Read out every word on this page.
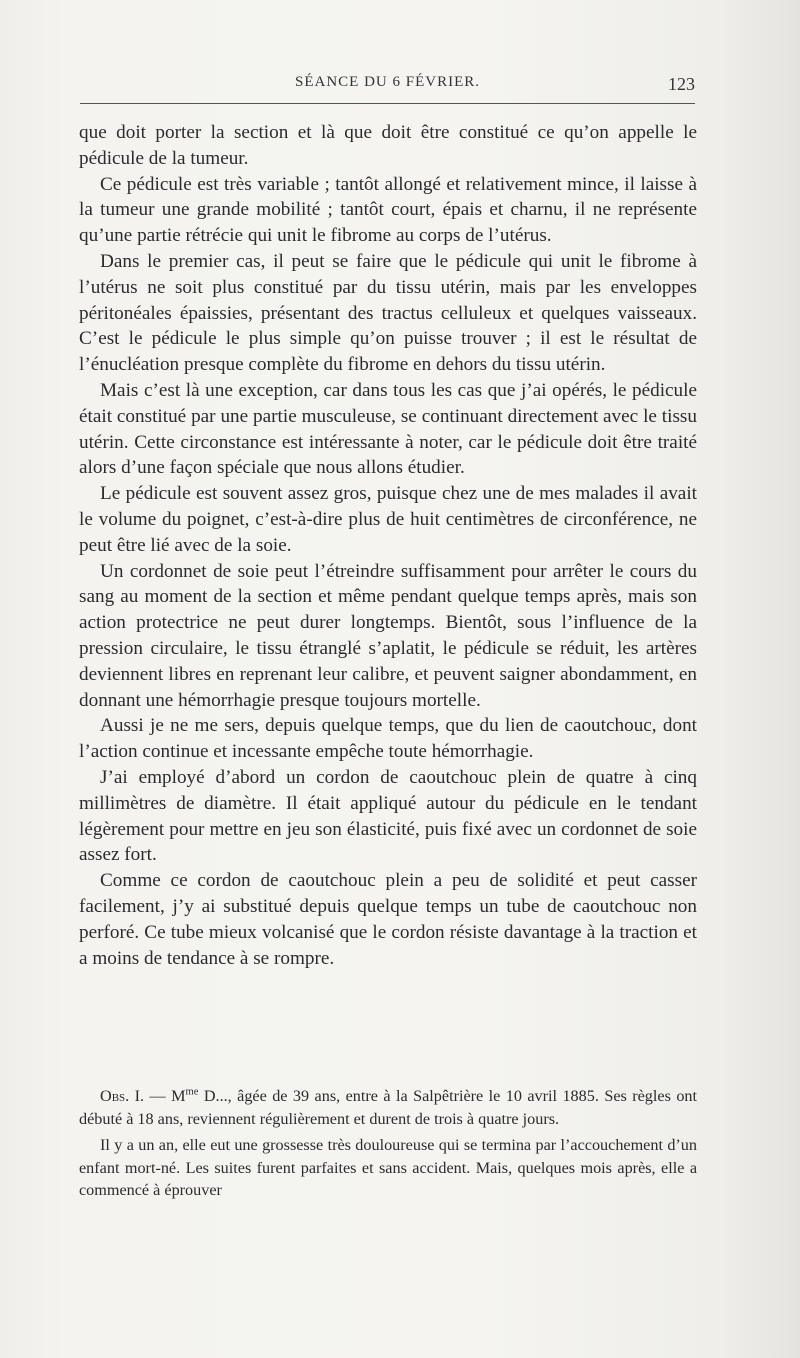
SÉANCE DU 6 FÉVRIER.	123

que doit porter la section et là que doit être constitué ce qu’on appelle le pédicule de la tumeur.

Ce pédicule est très variable ; tantôt allongé et relativement mince, il laisse à la tumeur une grande mobilité ; tantôt court, épais et charnu, il ne représente qu’une partie rétrécie qui unit le fibrome au corps de l’utérus.

Dans le premier cas, il peut se faire que le pédicule qui unit le fibrome à l’utérus ne soit plus constitué par du tissu utérin, mais par les enveloppes péritonéales épaissies, présentant des tractus celluleux et quelques vaisseaux. C’est le pédicule le plus simple qu’on puisse trouver ; il est le résultat de l’énucléation presque complète du fibrome en dehors du tissu utérin.

Mais c’est là une exception, car dans tous les cas que j’ai opérés, le pédicule était constitué par une partie musculeuse, se continuant directement avec le tissu utérin. Cette circonstance est intéressante à noter, car le pédicule doit être traité alors d’une façon spéciale que nous allons étudier.

Le pédicule est souvent assez gros, puisque chez une de mes malades il avait le volume du poignet, c’est-à-dire plus de huit centimètres de circonférence, ne peut être lié avec de la soie.

Un cordonnet de soie peut l’étreindre suffisamment pour arrêter le cours du sang au moment de la section et même pendant quelque temps après, mais son action protectrice ne peut durer longtemps. Bientôt, sous l’influence de la pression circulaire, le tissu étranglé s’aplatit, le pédicule se réduit, les artères deviennent libres en reprenant leur calibre, et peuvent saigner abondamment, en donnant une hémorrhagie presque toujours mortelle.

Aussi je ne me sers, depuis quelque temps, que du lien de caoutchouc, dont l’action continue et incessante empêche toute hémorrhagie.

J’ai employé d’abord un cordon de caoutchouc plein de quatre à cinq millimètres de diamètre. Il était appliqué autour du pédicule en le tendant légèrement pour mettre en jeu son élasticité, puis fixé avec un cordonnet de soie assez fort.

Comme ce cordon de caoutchouc plein a peu de solidité et peut casser facilement, j’y ai substitué depuis quelque temps un tube de caoutchouc non perforé. Ce tube mieux volcanisé que le cordon résiste davantage à la traction et a moins de tendance à se rompre.

Obs. I. — $M^{me}$ D..., âgée de 39 ans, entre à la Salpêtrière le 10 avril 1885. Ses règles ont débuté à 18 ans, reviennent régulièrement et durent de trois à quatre jours.

Il y a un an, elle eut une grossesse très douloureuse qui se termina par l’accouchement d’un enfant mort-né. Les suites furent parfaites et sans accident. Mais, quelques mois après, elle a commencé à éprouver
